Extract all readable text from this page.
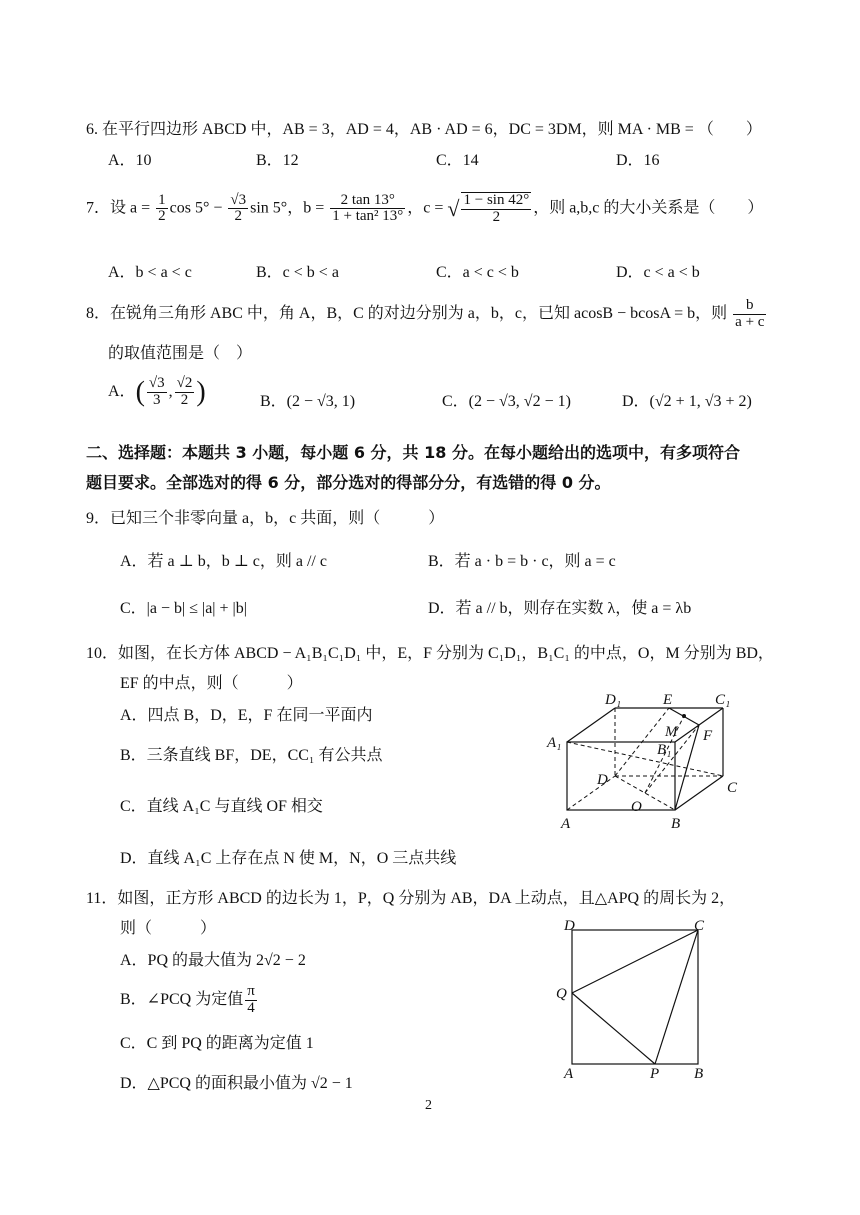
6. 在平行四边形 ABCD 中，AB = 3，AD = 4，AB · AD = 6，DC = 3DM，则 MA · MB = （　　）
A．10	B．12	C．14	D．16
7．设 $a = \frac{1}{2}$ $\cos 5^\circ - \frac{√3}{2}$ sin 5°，$b = \frac{2 \tan 13^\circ}{\text{1 + tan² 13°}}$ ，c = √ $\frac{1 - \sin 42^\circ}{2}$ ，则 a,b,c 的大小关系是（　　）
A．b < a < c	B．c < b < a	C．a < c < b	D．c < a < b
8．在锐角三角形 ABC 中，角 A，B，C 的对边分别为 a，b，c，已知 acosB − bcosA = b，则 $\frac{b}{a + c}$
的取值范围是（　）
A．( $\frac{√3}{3}$ , $\frac{√2}{2}$ )	B．(2 − √3, 1)	C．(2 − √3, √2 − 1)	D．(√2 + 1, √3 + 2)
二、选择题：本题共 3 小题，每小题 6 分，共 18 分。在每小题给出的选项中，有多项符合
题目要求。全部选对的得 6 分，部分选对的得部分分，有选错的得 0 分。
9．已知三个非零向量 a，b，c 共面，则（　　　）
A．若 a ⊥ b，b ⊥ c，则 a // c	B．若 a · b = b · c，则 a = c
C．|a − b| ≤ |a| + |b|	D．若 a // b，则存在实数 λ，使 a = λb
10．如图，在长方体 ABCD − A₁B₁C₁D₁ 中，E，F 分别为 C₁D₁，B₁C₁ 的中点，O，M 分别为 BD，
EF 的中点，则（　　　）
A．四点 B，D，E，F 在同一平面内
B．三条直线 BF，DE，CC₁ 有公共点
C．直线 A₁C 与直线 OF 相交
D．直线 A₁C 上存在点 N 使 M，N，O 三点共线
D₁	E	C₁
A₁
M
B₁
F
D	C
O
A	B
11．如图，正方形 ABCD 的边长为 1，P，Q 分别为 AB，DA 上动点，且△APQ 的周长为 2，
则（　　　）
A．PQ 的最大值为 2√2 − 2
B．∠PCQ 为定值 $\frac{\pi}{4}$
C．C 到 PQ 的距离为定值 1
D．△PCQ 的面积最小值为 √2 − 1
D	C
Q
A	P B
2
